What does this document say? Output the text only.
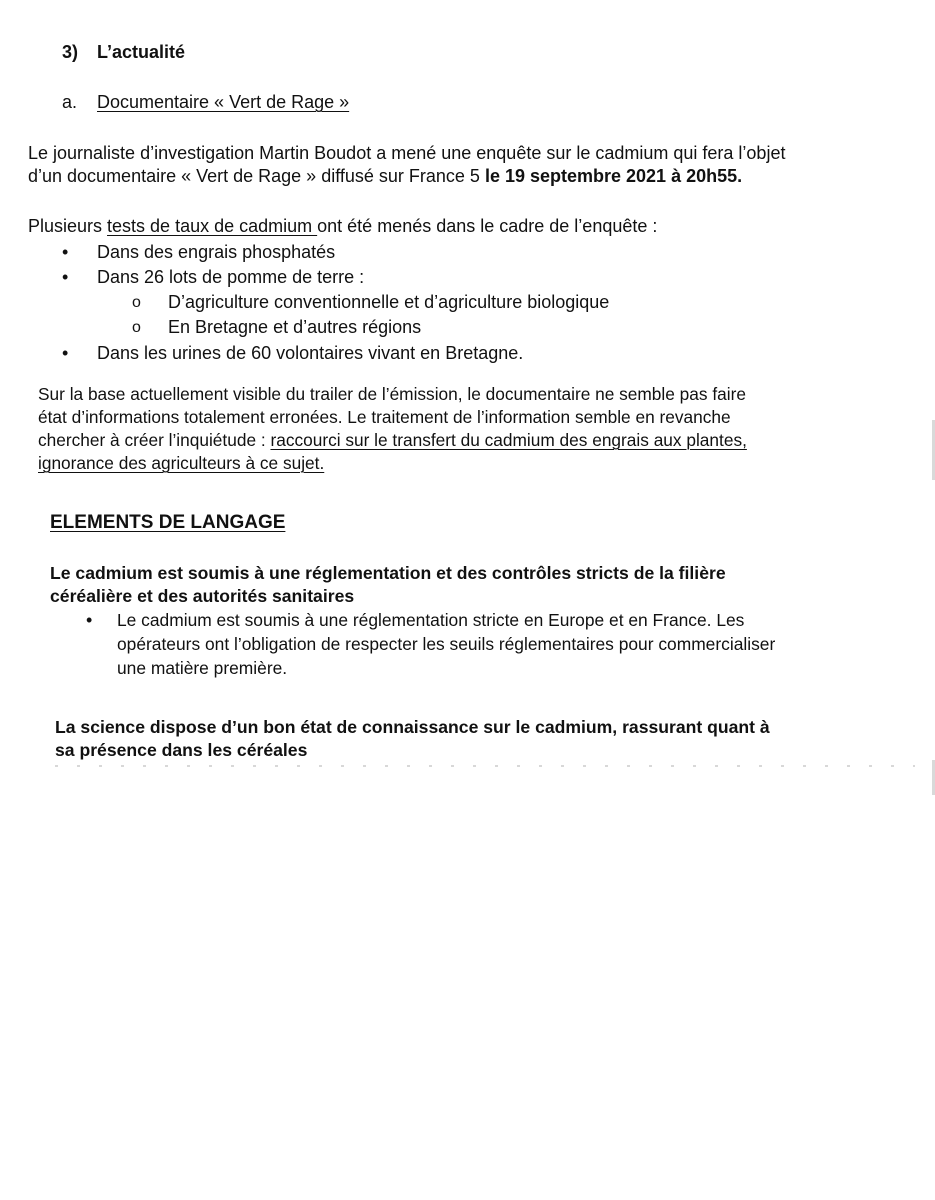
3) L’actualité
a. Documentaire « Vert de Rage »
Le journaliste d’investigation Martin Boudot a mené une enquête sur le cadmium qui fera l’objet
d’un documentaire « Vert de Rage » diffusé sur France 5 le 19 septembre 2021 à 20h55.
Plusieurs tests de taux de cadmium ont été menés dans le cadre de l’enquête :
• Dans des engrais phosphatés
• Dans 26 lots de pomme de terre :
o D’agriculture conventionnelle et d’agriculture biologique
o En Bretagne et d’autres régions
• Dans les urines de 60 volontaires vivant en Bretagne.
Sur la base actuellement visible du trailer de l’émission, le documentaire ne semble pas faire
état d’informations totalement erronées. Le traitement de l’information semble en revanche
chercher à créer l’inquiétude : raccourci sur le transfert du cadmium des engrais aux plantes,
ignorance des agriculteurs à ce sujet.
ELEMENTS DE LANGAGE
Le cadmium est soumis à une réglementation et des contrôles stricts de la filière
céréalière et des autorités sanitaires
• Le cadmium est soumis à une réglementation stricte en Europe et en France. Les
opérateurs ont l’obligation de respecter les seuils réglementaires pour commercialiser
une matière première.
La science dispose d’un bon état de connaissance sur le cadmium, rassurant quant à
sa présence dans les céréales
